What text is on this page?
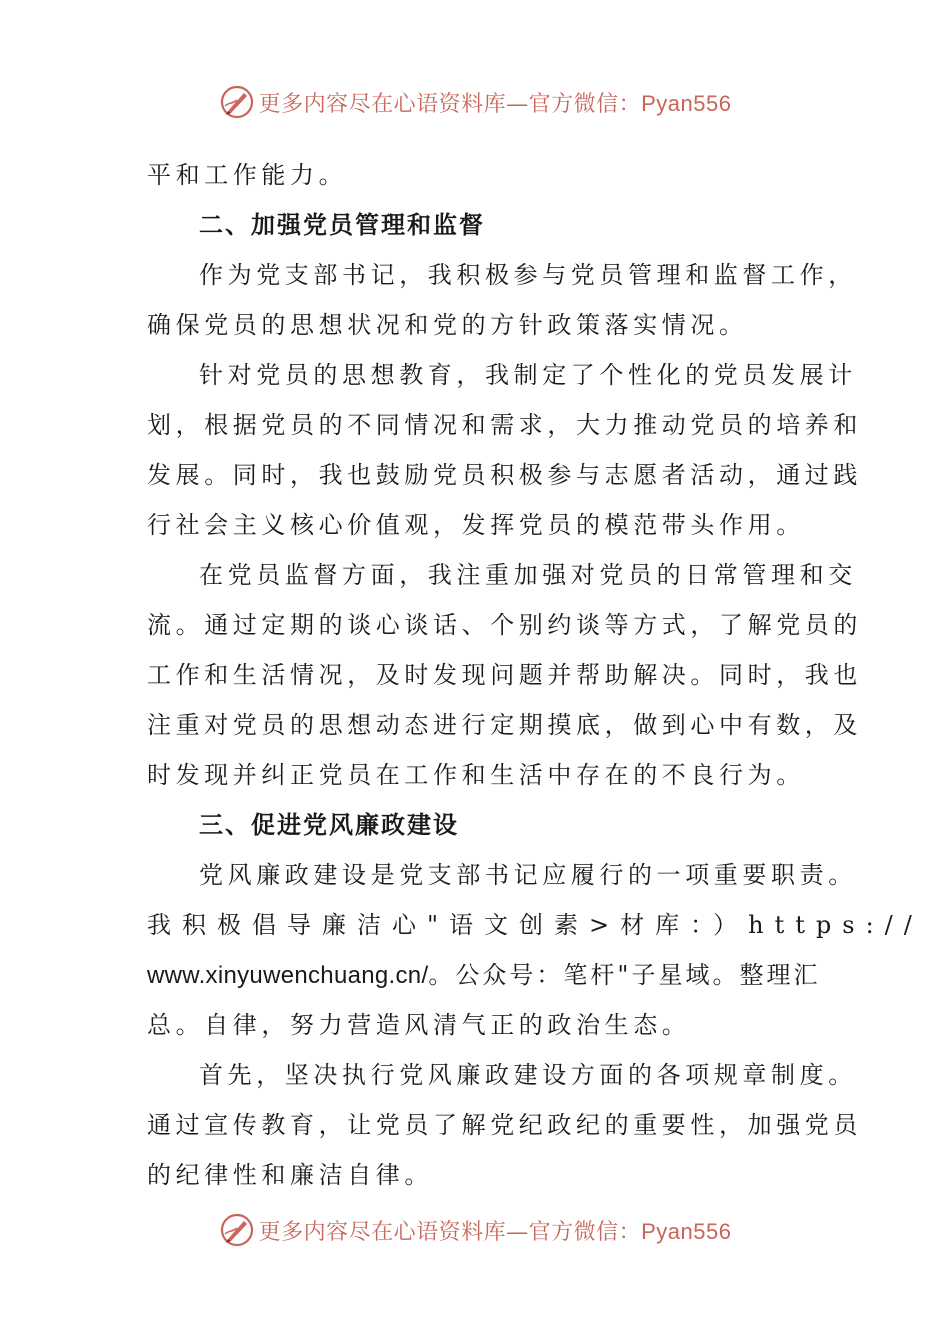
更多内容尽在心语资料库—官方微信：Pyan556
平和工作能力。
二、加强党员管理和监督
作为党支部书记，我积极参与党员管理和监督工作，
确保党员的思想状况和党的方针政策落实情况。
针对党员的思想教育，我制定了个性化的党员发展计
划，根据党员的不同情况和需求，大力推动党员的培养和
发展。同时，我也鼓励党员积极参与志愿者活动，通过践
行社会主义核心价值观，发挥党员的模范带头作用。
在党员监督方面，我注重加强对党员的日常管理和交
流。通过定期的谈心谈话、个别约谈等方式，了解党员的
工作和生活情况，及时发现问题并帮助解决。同时，我也
注重对党员的思想动态进行定期摸底，做到心中有数，及
时发现并纠正党员在工作和生活中存在的不良行为。
三、促进党风廉政建设
党风廉政建设是党支部书记应履行的一项重要职责。
我积极倡导廉洁心"语文创素>材库：）https://
www.xinyuwenchuang.cn/。公众号：笔杆"子星域。整理汇
总。自律，努力营造风清气正的政治生态。
首先，坚决执行党风廉政建设方面的各项规章制度。
通过宣传教育，让党员了解党纪政纪的重要性，加强党员
的纪律性和廉洁自律。
更多内容尽在心语资料库—官方微信：Pyan556
